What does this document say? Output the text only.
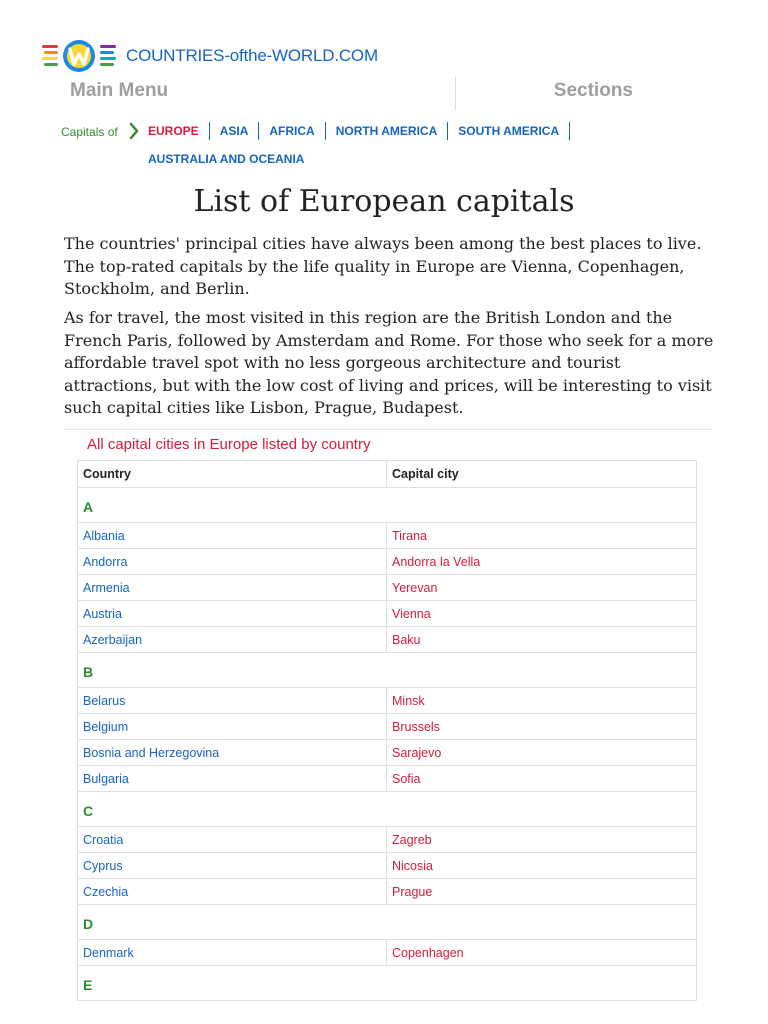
COUNTRIES-ofthe-WORLD.COM
Main Menu	Sections
Capitals of	EUROPE	ASIA	AFRICA	NORTH AMERICA	SOUTH AMERICA
AUSTRALIA AND OCEANIA
List of European capitals

The countries' principal cities have always been among the best places to live. The top-rated capitals by the life quality in Europe are Vienna, Copenhagen, Stockholm, and Berlin.

As for travel, the most visited in this region are the British London and the French Paris, followed by Amsterdam and Rome. For those who seek for a more affordable travel spot with no less gorgeous architecture and tourist attractions, but with the low cost of living and prices, will be interesting to visit such capital cities like Lisbon, Prague, Budapest.

All capital cities in Europe listed by country
Country	Capital city
A	
Albania	Tirana
Andorra	Andorra la Vella
Armenia	Yerevan
Austria	Vienna
Azerbaijan	Baku
B	
Belarus	Minsk
Belgium	Brussels
Bosnia and Herzegovina	Sarajevo
Bulgaria	Sofia
C	
Croatia	Zagreb
Cyprus	Nicosia
Czechia	Prague
D	
Denmark	Copenhagen
E	
